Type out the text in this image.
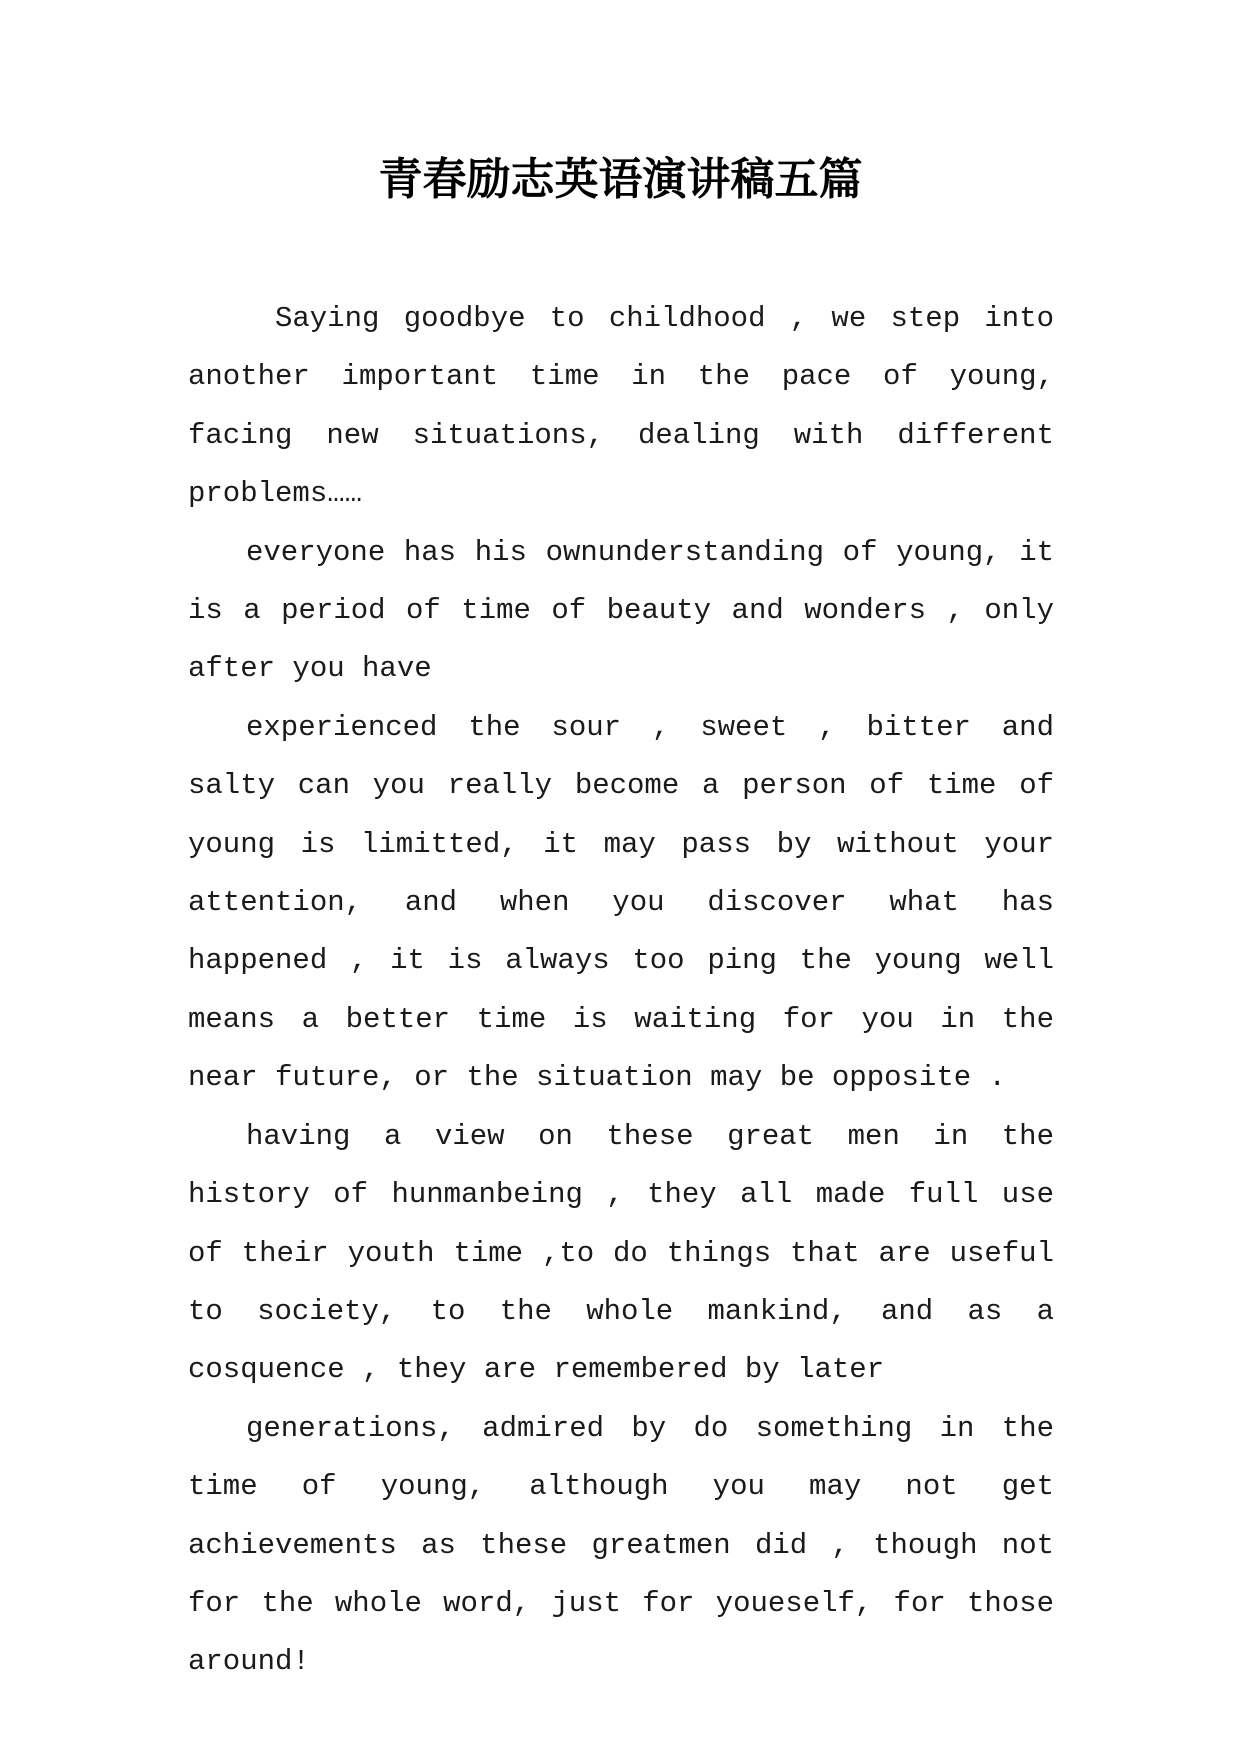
青春励志英语演讲稿五篇

Saying goodbye to childhood , we step into another important time in the pace of young, facing new situations, dealing with different problems……

everyone has his ownunderstanding of young, it is a period of time of beauty and wonders , only after you have

experienced the sour , sweet , bitter and salty can you really become a person of time of young is limitted, it may pass by without your attention, and when you discover what has happened , it is always too ping the young well means a better time is waiting for you in the near future, or the situation may be opposite .

having a view on these great men in the history of hunmanbeing , they all made full use of their youth time ,to do things that are useful to society, to the whole mankind, and as a cosquence , they are remembered by later

generations, admired by do something in the time of young, although you may not get achievements as these greatmen did , though not for the whole word, just for youeself, for those around!
